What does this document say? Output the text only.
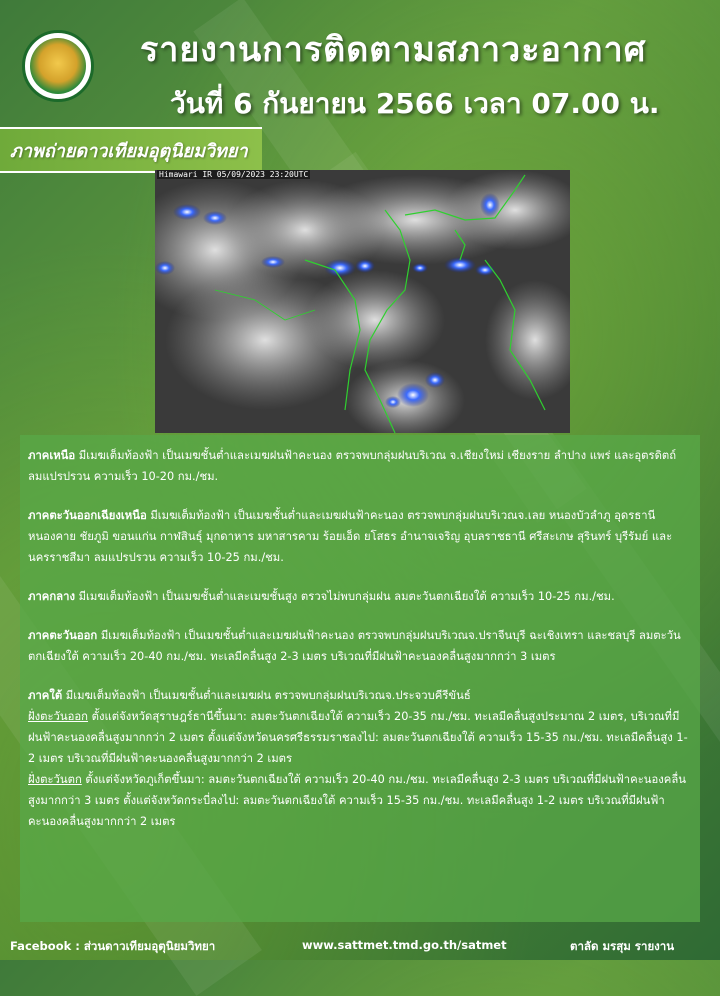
รายงานการติดตามสภาวะอากาศ
วันที่ 6 กันยายน 2566 เวลา 07.00 น.
ภาพถ่ายดาวเทียมอุตุนิยมวิทยา
Himawari IR 05/09/2023 23:20UTC

ภาคเหนือ มีเมฆเต็มท้องฟ้า เป็นเมฆชั้นต่ำและเมฆฝนฟ้าคะนอง ตรวจพบกลุ่มฝนบริเวณ จ.เชียงใหม่ เชียงราย ลำปาง แพร่ และอุตรดิตถ์ ลมแปรปรวน ความเร็ว 10-20 กม./ชม.

ภาคตะวันออกเฉียงเหนือ มีเมฆเต็มท้องฟ้า เป็นเมฆชั้นต่ำและเมฆฝนฟ้าคะนอง ตรวจพบกลุ่มฝนบริเวณจ.เลย หนองบัวลำภู อุดรธานี หนองคาย ชัยภูมิ ขอนแก่น กาฬสินธุ์ มุกดาหาร มหาสารคาม ร้อยเอ็ด ยโสธร อำนาจเจริญ อุบลราชธานี ศรีสะเกษ สุรินทร์ บุรีรัมย์ และนครราชสีมา ลมแปรปรวน ความเร็ว 10-25 กม./ชม.

ภาคกลาง มีเมฆเต็มท้องฟ้า เป็นเมฆชั้นต่ำและเมฆชั้นสูง ตรวจไม่พบกลุ่มฝน ลมตะวันตกเฉียงใต้ ความเร็ว 10-25 กม./ชม.

ภาคตะวันออก มีเมฆเต็มท้องฟ้า เป็นเมฆชั้นต่ำและเมฆฝนฟ้าคะนอง ตรวจพบกลุ่มฝนบริเวณจ.ปราจีนบุรี ฉะเชิงเทรา และชลบุรี ลมตะวันตกเฉียงใต้ ความเร็ว 20-40 กม./ชม. ทะเลมีคลื่นสูง 2-3 เมตร บริเวณที่มีฝนฟ้าคะนองคลื่นสูงมากกว่า 3 เมตร

ภาคใต้ มีเมฆเต็มท้องฟ้า เป็นเมฆชั้นต่ำและเมฆฝน ตรวจพบกลุ่มฝนบริเวณจ.ประจวบคีรีขันธ์
ฝั่งตะวันออก ตั้งแต่จังหวัดสุราษฎร์ธานีขึ้นมา: ลมตะวันตกเฉียงใต้ ความเร็ว 20-35 กม./ชม. ทะเลมีคลื่นสูงประมาณ 2 เมตร, บริเวณที่มีฝนฟ้าคะนองคลื่นสูงมากกว่า 2 เมตร ตั้งแต่จังหวัดนครศรีธรรมราชลงไป: ลมตะวันตกเฉียงใต้ ความเร็ว 15-35 กม./ชม. ทะเลมีคลื่นสูง 1-2 เมตร บริเวณที่มีฝนฟ้าคะนองคลื่นสูงมากกว่า 2 เมตร
ฝั่งตะวันตก ตั้งแต่จังหวัดภูเก็ตขึ้นมา: ลมตะวันตกเฉียงใต้ ความเร็ว 20-40 กม./ชม. ทะเลมีคลื่นสูง 2-3 เมตร บริเวณที่มีฝนฟ้าคะนองคลื่นสูงมากกว่า 3 เมตร ตั้งแต่จังหวัดกระบี่ลงไป: ลมตะวันตกเฉียงใต้ ความเร็ว 15-35 กม./ชม. ทะเลมีคลื่นสูง 1-2 เมตร บริเวณที่มีฝนฟ้าคะนองคลื่นสูงมากกว่า 2 เมตร

Facebook : ส่วนดาวเทียมอุตุนิยมวิทยา	www.sattmet.tmd.go.th/satmet	ตาลัด มรสุม รายงาน
